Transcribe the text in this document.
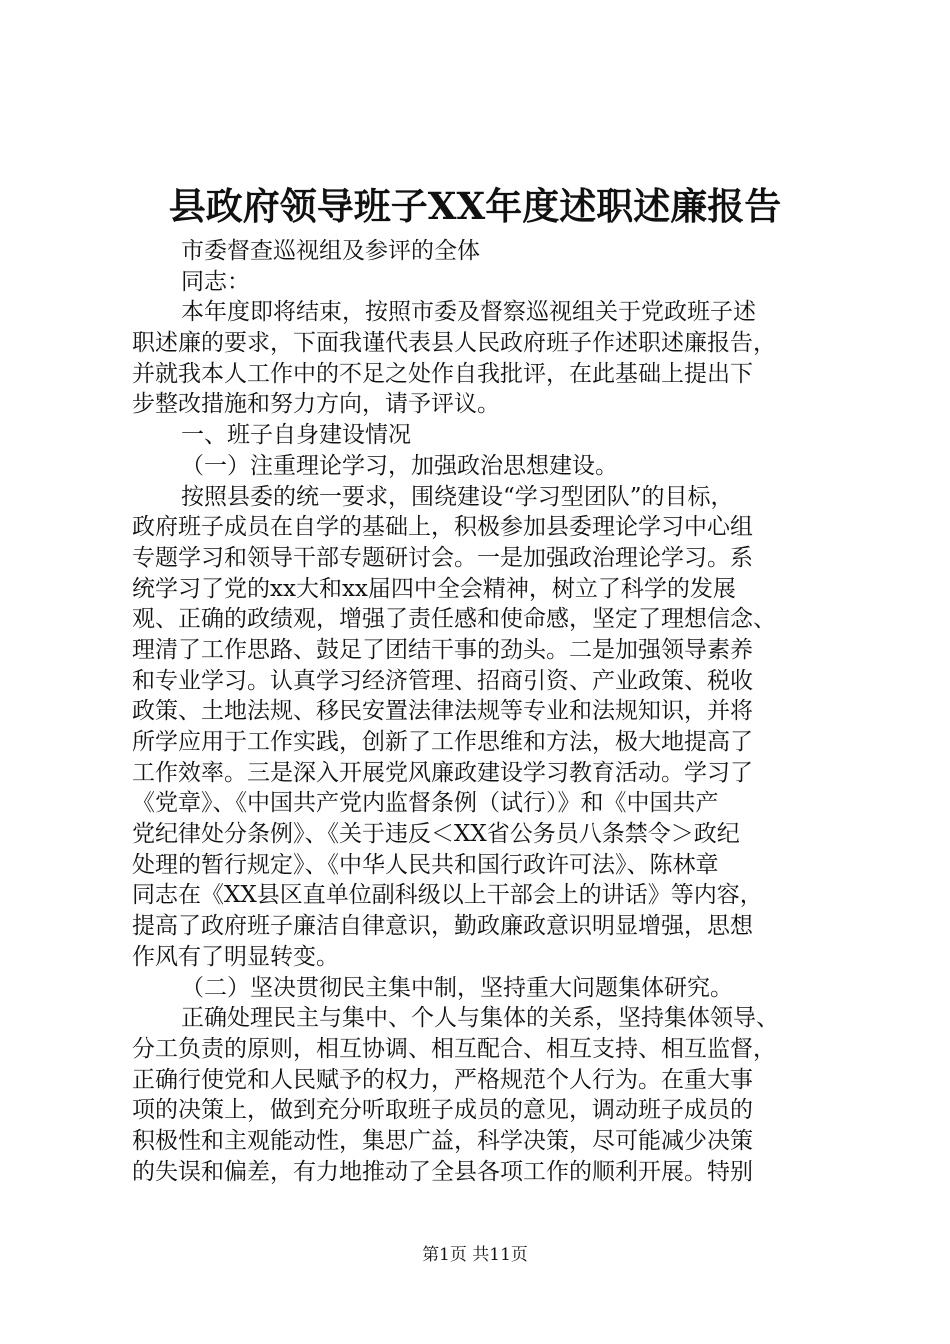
县政府领导班子XX年度述职述廉报告
市委督查巡视组及参评的全体
同志：
本年度即将结束，按照市委及督察巡视组关于党政班子述
职述廉的要求，下面我谨代表县人民政府班子作述职述廉报告，
并就我本人工作中的不足之处作自我批评，在此基础上提出下
步整改措施和努力方向，请予评议。
一、班子自身建设情况
（一）注重理论学习，加强政治思想建设。
按照县委的统一要求，围绕建设“学习型团队”的目标，
政府班子成员在自学的基础上，积极参加县委理论学习中心组
专题学习和领导干部专题研讨会。一是加强政治理论学习。系
统学习了党的xx大和xx届四中全会精神，树立了科学的发展
观、正确的政绩观，增强了责任感和使命感，坚定了理想信念、
理清了工作思路、鼓足了团结干事的劲头。二是加强领导素养
和专业学习。认真学习经济管理、招商引资、产业政策、税收
政策、土地法规、移民安置法律法规等专业和法规知识，并将
所学应用于工作实践，创新了工作思维和方法，极大地提高了
工作效率。三是深入开展党风廉政建设学习教育活动。学习了
《党章》、《中国共产党内监督条例（试行）》和《中国共产
党纪律处分条例》、《关于违反＜XX省公务员八条禁令＞政纪
处理的暂行规定》、《中华人民共和国行政许可法》、陈林章
同志在《XX县区直单位副科级以上干部会上的讲话》等内容，
提高了政府班子廉洁自律意识，勤政廉政意识明显增强，思想
作风有了明显转变。
（二）坚决贯彻民主集中制，坚持重大问题集体研究。
正确处理民主与集中、个人与集体的关系，坚持集体领导、
分工负责的原则，相互协调、相互配合、相互支持、相互监督，
正确行使党和人民赋予的权力，严格规范个人行为。在重大事
项的决策上，做到充分听取班子成员的意见，调动班子成员的
积极性和主观能动性，集思广益，科学决策，尽可能减少决策
的失误和偏差，有力地推动了全县各项工作的顺利开展。特别
第1页 共11页
